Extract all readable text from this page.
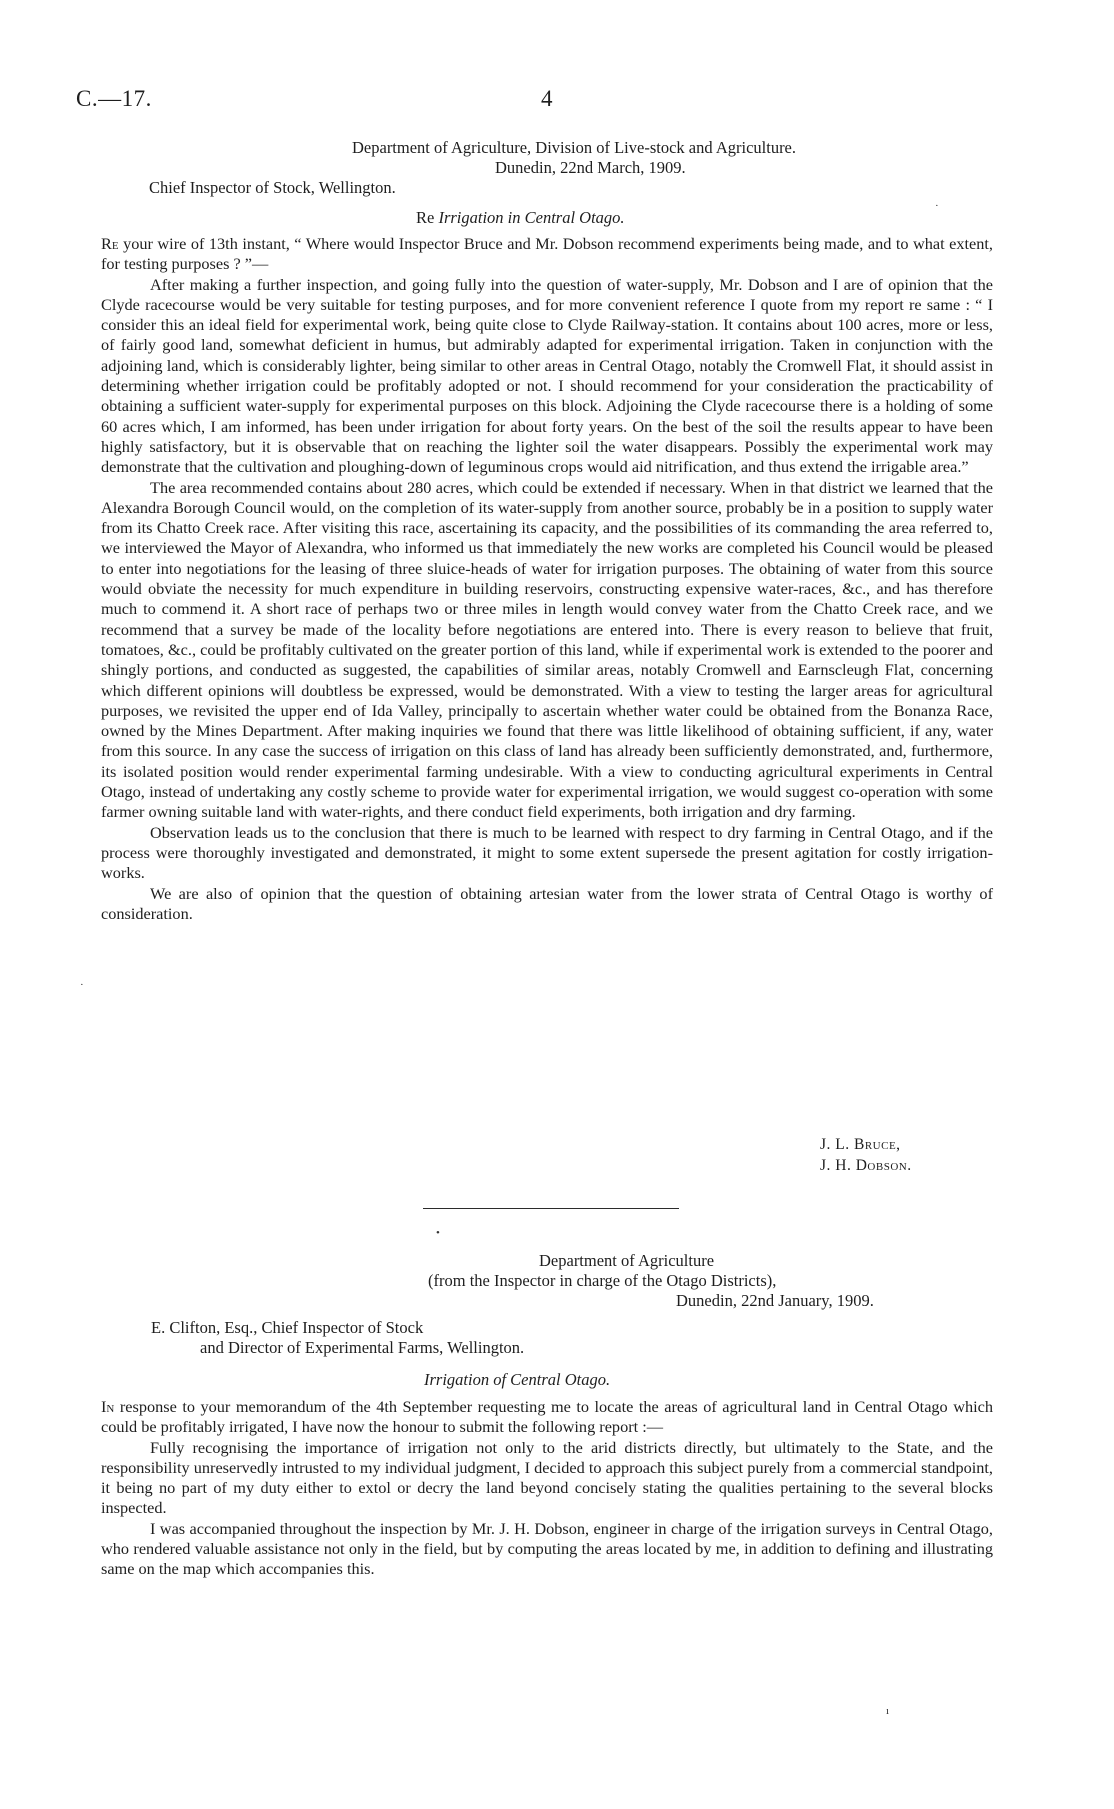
C.—17.	4
Department of Agriculture, Division of Live-stock and Agriculture.
Dunedin, 22nd March, 1909.
Chief Inspector of Stock, Wellington.
Re Irrigation in Central Otago.

Re your wire of 13th instant, “ Where would Inspector Bruce and Mr. Dobson recommend experiments being made, and to what extent, for testing purposes ? ”—

After making a further inspection, and going fully into the question of water-supply, Mr. Dobson and I are of opinion that the Clyde racecourse would be very suitable for testing purposes, and for more convenient reference I quote from my report re same : “ I consider this an ideal field for experimental work, being quite close to Clyde Railway-station. It contains about 100 acres, more or less, of fairly good land, somewhat deficient in humus, but admirably adapted for experimental irrigation. Taken in conjunction with the adjoining land, which is considerably lighter, being similar to other areas in Central Otago, notably the Cromwell Flat, it should assist in determining whether irrigation could be profitably adopted or not. I should recommend for your consideration the practicability of obtaining a sufficient water-supply for experimental purposes on this block. Adjoining the Clyde racecourse there is a holding of some 60 acres which, I am informed, has been under irrigation for about forty years. On the best of the soil the results appear to have been highly satisfactory, but it is observable that on reaching the lighter soil the water disappears. Possibly the experimental work may demonstrate that the cultivation and ploughing-down of leguminous crops would aid nitrification, and thus extend the irrigable area.”

The area recommended contains about 280 acres, which could be extended if necessary. When in that district we learned that the Alexandra Borough Council would, on the completion of its water-supply from another source, probably be in a position to supply water from its Chatto Creek race. After visiting this race, ascertaining its capacity, and the possibilities of its commanding the area referred to, we interviewed the Mayor of Alexandra, who informed us that immediately the new works are completed his Council would be pleased to enter into negotiations for the leasing of three sluice-heads of water for irrigation purposes. The obtaining of water from this source would obviate the necessity for much expenditure in building reservoirs, constructing expensive water-races, &c., and has therefore much to commend it. A short race of perhaps two or three miles in length would convey water from the Chatto Creek race, and we recommend that a survey be made of the locality before negotiations are entered into. There is every reason to believe that fruit, tomatoes, &c., could be profitably cultivated on the greater portion of this land, while if experimental work is extended to the poorer and shingly portions, and conducted as suggested, the capabilities of similar areas, notably Cromwell and Earnscleugh Flat, concerning which different opinions will doubtless be expressed, would be demonstrated. With a view to testing the larger areas for agricultural purposes, we revisited the upper end of Ida Valley, principally to ascertain whether water could be obtained from the Bonanza Race, owned by the Mines Department. After making inquiries we found that there was little likelihood of obtaining sufficient, if any, water from this source. In any case the success of irrigation on this class of land has already been sufficiently demonstrated, and, furthermore, its isolated position would render experimental farming undesirable. With a view to conducting agricultural experiments in Central Otago, instead of undertaking any costly scheme to provide water for experimental irrigation, we would suggest co-operation with some farmer owning suitable land with water-rights, and there conduct field experiments, both irrigation and dry farming.

Observation leads us to the conclusion that there is much to be learned with respect to dry farming in Central Otago, and if the process were thoroughly investigated and demonstrated, it might to some extent supersede the present agitation for costly irrigation-works.

We are also of opinion that the question of obtaining artesian water from the lower strata of Central Otago is worthy of consideration.

J. L. Bruce,
J. H. Dobson.
Department of Agriculture
(from the Inspector in charge of the Otago Districts),
Dunedin, 22nd January, 1909.
E. Clifton, Esq., Chief Inspector of Stock
and Director of Experimental Farms, Wellington.
Irrigation of Central Otago.

In response to your memorandum of the 4th September requesting me to locate the areas of agricultural land in Central Otago which could be profitably irrigated, I have now the honour to submit the following report :—

Fully recognising the importance of irrigation not only to the arid districts directly, but ultimately to the State, and the responsibility unreservedly intrusted to my individual judgment, I decided to approach this subject purely from a commercial standpoint, it being no part of my duty either to extol or decry the land beyond concisely stating the qualities pertaining to the several blocks inspected.

I was accompanied throughout the inspection by Mr. J. H. Dobson, engineer in charge of the irrigation surveys in Central Otago, who rendered valuable assistance not only in the field, but by computing the areas located by me, in addition to defining and illustrating same on the map which accompanies this.

·
·
•
ı
